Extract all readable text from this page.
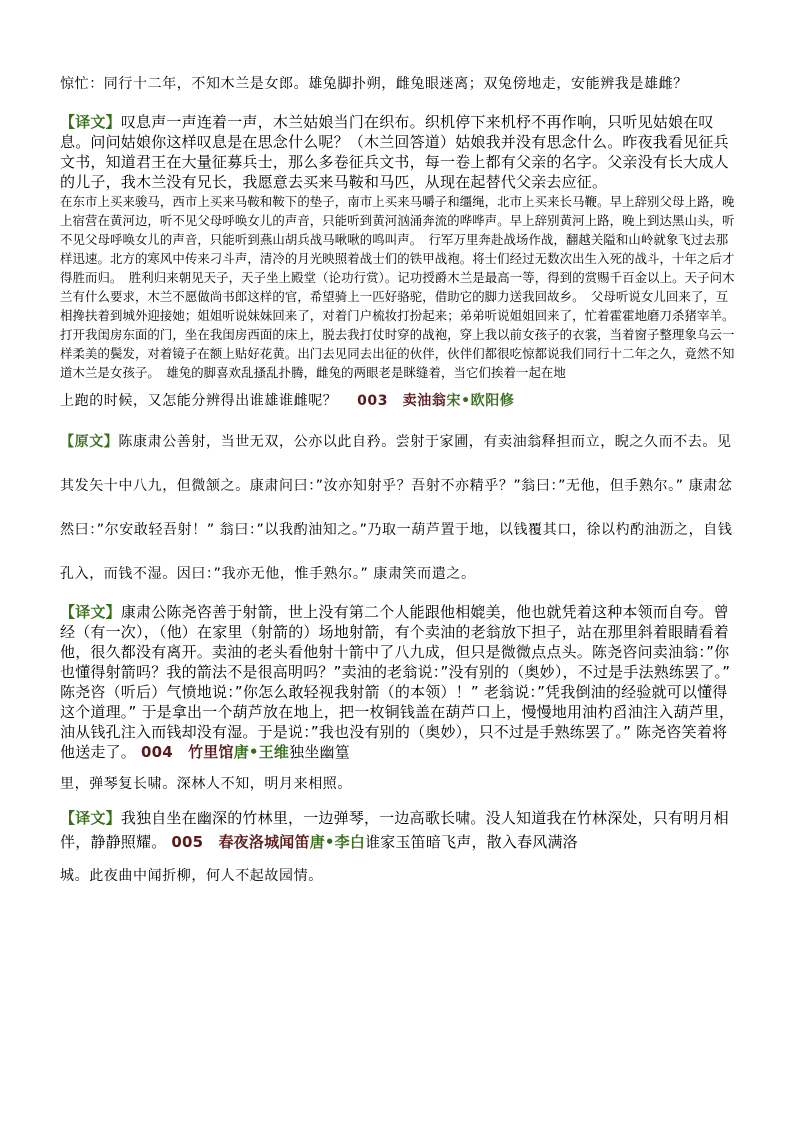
惊忙：同行十二年，不知木兰是女郎。雄兔脚扑朔，雌兔眼迷离；双兔傍地走，安能辨我是雄雌？

【译文】叹息声一声连着一声，木兰姑娘当门在织布。织机停下来机杼不再作响，只听见姑娘在叹息。问问姑娘你这样叹息是在思念什么呢？（木兰回答道）姑娘我并没有思念什么。昨夜我看见征兵文书，知道君王在大量征募兵士，那么多卷征兵文书，每一卷上都有父亲的名字。父亲没有长大成人的儿子，我木兰没有兄长，我愿意去买来马鞍和马匹，从现在起替代父亲去应征。

在东市上买来骏马，西市上买来马鞍和鞍下的垫子，南市上买来马嚼子和缰绳，北市上买来长马鞭。早上辞别父母上路，晚上宿营在黄河边，听不见父母呼唤女儿的声音，只能听到黄河汹涌奔流的哗哗声。早上辞别黄河上路，晚上到达黑山头，听不见父母呼唤女儿的声音，只能听到燕山胡兵战马啾啾的鸣叫声。　行军万里奔赴战场作战，翻越关隘和山岭就象飞过去那样迅速。北方的寒风中传来刁斗声，清冷的月光映照着战士们的铁甲战袍。将士们经过无数次出生入死的战斗，十年之后才得胜而归。　胜利归来朝见天子，天子坐上殿堂（论功行赏）。记功授爵木兰是最高一等，得到的赏赐千百金以上。天子问木兰有什么要求，木兰不愿做尚书郎这样的官，希望骑上一匹好骆驼，借助它的脚力送我回故乡。　父母听说女儿回来了，互相搀扶着到城外迎接她；姐姐听说妹妹回来了，对着门户梳妆打扮起来；弟弟听说姐姐回来了，忙着霍霍地磨刀杀猪宰羊。打开我闺房东面的门，坐在我闺房西面的床上，脱去我打仗时穿的战袍，穿上我以前女孩子的衣裳，当着窗子整理象乌云一样柔美的鬓发，对着镜子在额上贴好花黄。出门去见同去出征的伙伴，伙伴们都很吃惊都说我们同行十二年之久，竟然不知道木兰是女孩子。　雄兔的脚喜欢乱搔乱扑腾，雌兔的两眼老是眯缝着，当它们挨着一起在地

上跑的时候，又怎能分辨得出谁雄谁雌呢？　 003　卖油翁宋•欧阳修

【原文】陈康肃公善射，当世无双，公亦以此自矜。尝射于家圃，有卖油翁释担而立，睨之久而不去。见其发矢十中八九，但微颔之。康肃问曰：”汝亦知射乎？吾射不亦精乎？”翁曰：”无他，但手熟尔。” 康肃忿然曰：”尔安敢轻吾射！” 翁曰：”以我酌油知之。”乃取一葫芦置于地，以钱覆其口，徐以杓酌油沥之，自钱孔入，而钱不湿。因曰：”我亦无他，惟手熟尔。” 康肃笑而遣之。

【译文】康肃公陈尧咨善于射箭，世上没有第二个人能跟他相媲美，他也就凭着这种本领而自夸。曾经（有一次），（他）在家里（射箭的）场地射箭，有个卖油的老翁放下担子，站在那里斜着眼睛看着他，很久都没有离开。卖油的老头看他射十箭中了八九成，但只是微微点点头。陈尧咨问卖油翁：”你也懂得射箭吗？我的箭法不是很高明吗？”卖油的老翁说：”没有别的（奥妙），不过是手法熟练罢了。” 陈尧咨（听后）气愤地说：”你怎么敢轻视我射箭（的本领）！” 老翁说：”凭我倒油的经验就可以懂得这个道理。” 于是拿出一个葫芦放在地上，把一枚铜钱盖在葫芦口上，慢慢地用油杓舀油注入葫芦里，油从钱孔注入而钱却没有湿。于是说：”我也没有别的（奥妙），只不过是手熟练罢了。” 陈尧咨笑着将他送走了。 004　竹里馆唐•王维独坐幽篁

里，弹琴复长啸。深林人不知，明月来相照。

【译文】我独自坐在幽深的竹林里，一边弹琴，一边高歌长啸。没人知道我在竹林深处，只有明月相伴，静静照耀。 005　春夜洛城闻笛唐•李白谁家玉笛暗飞声，散入春风满洛

城。此夜曲中闻折柳，何人不起故园情。
